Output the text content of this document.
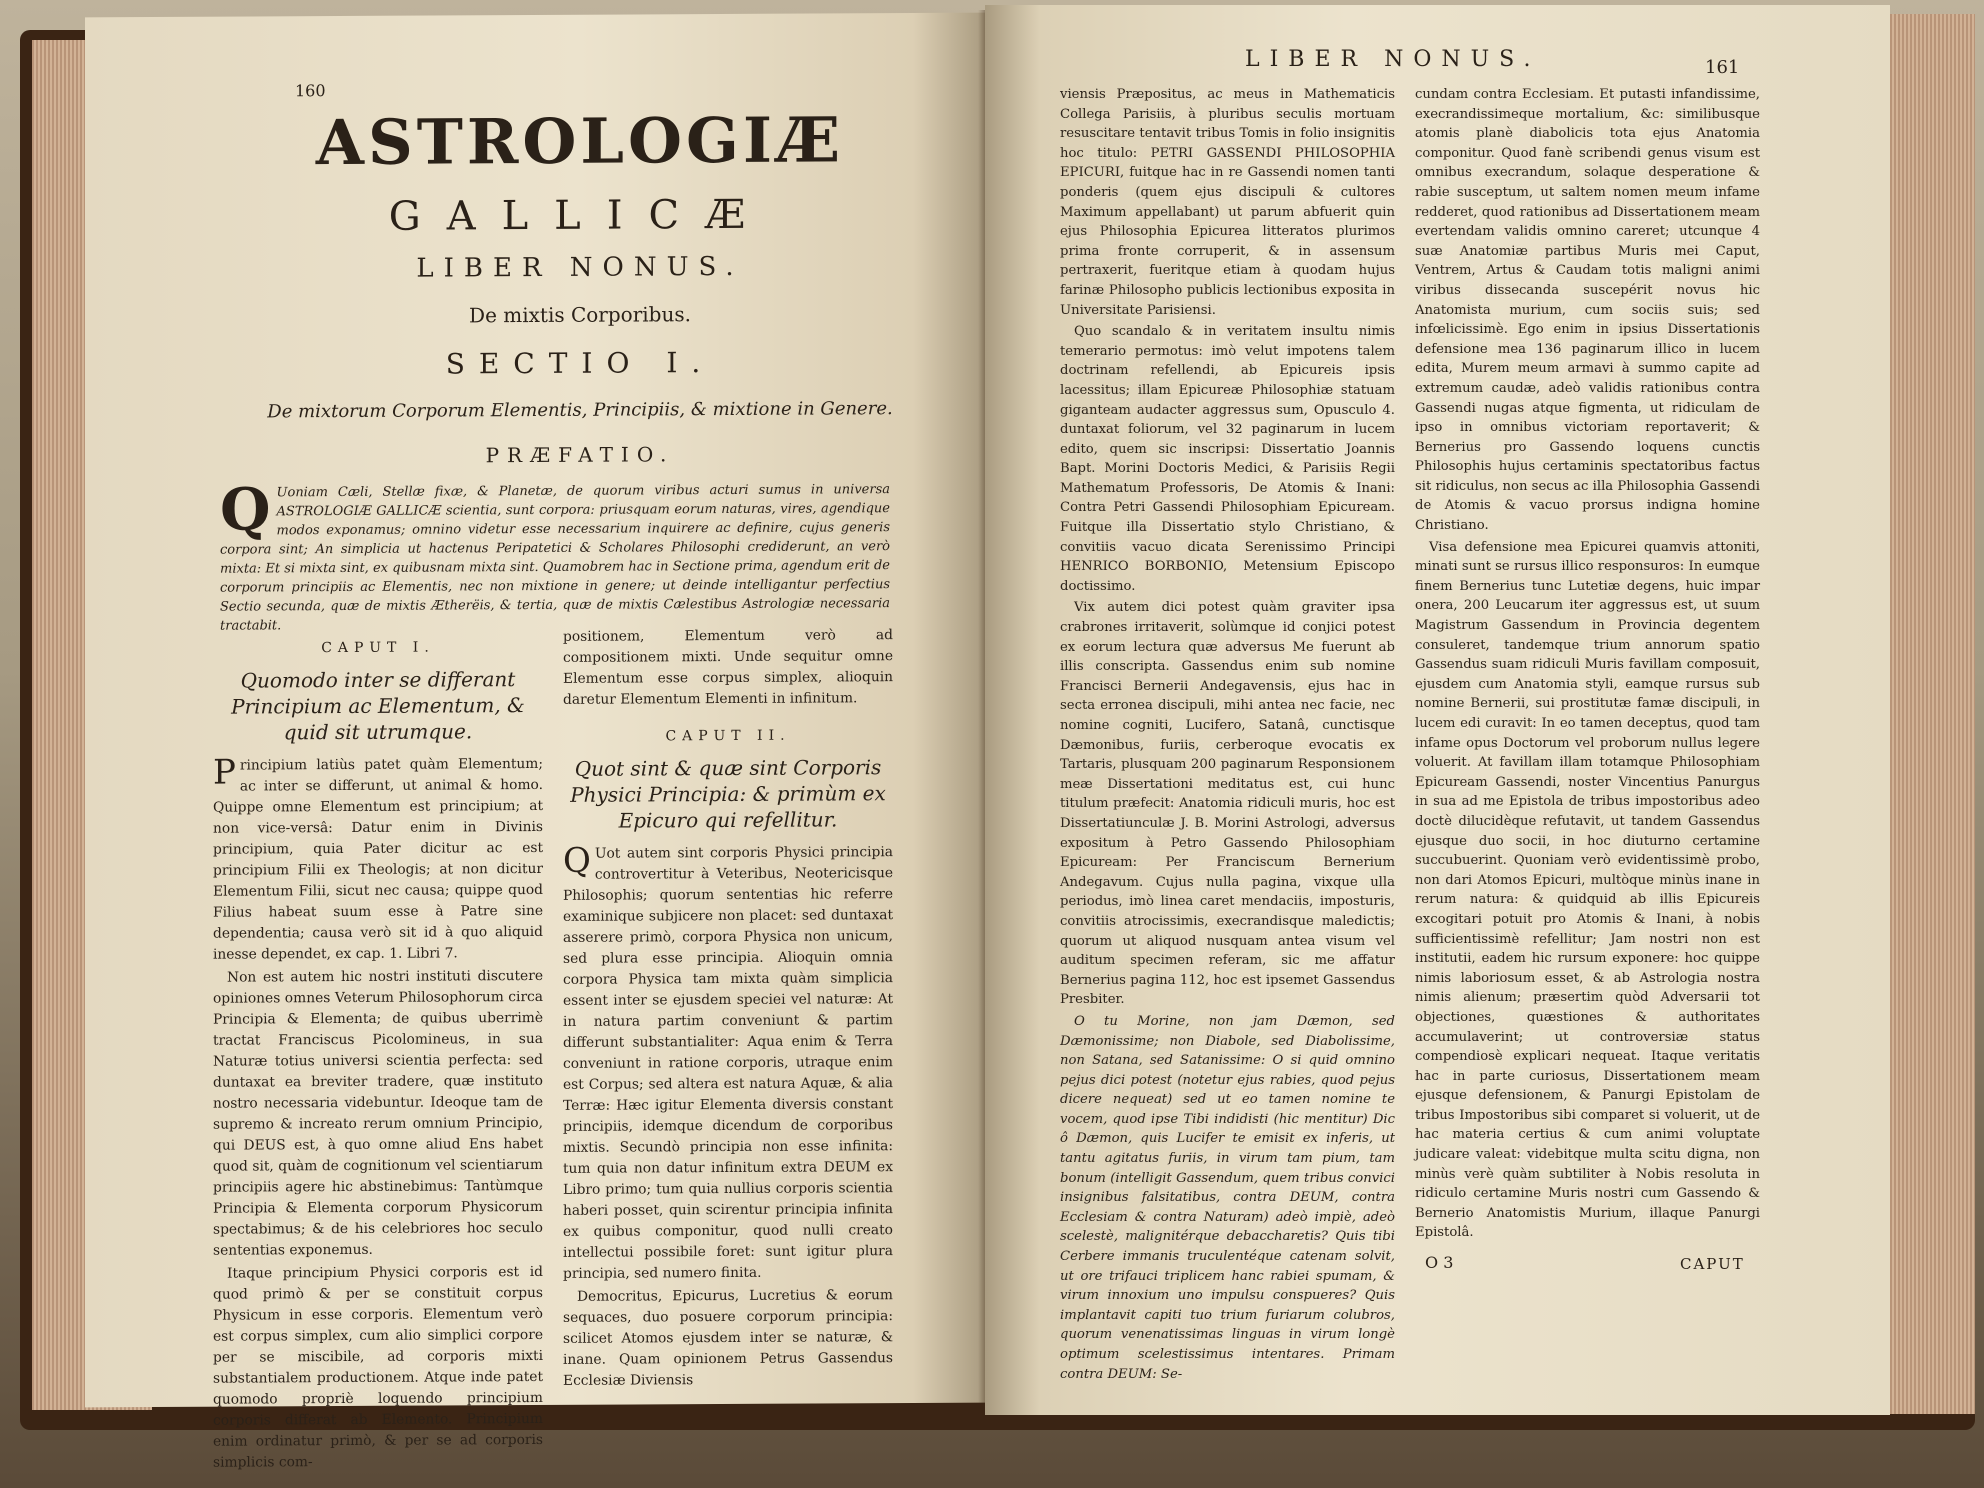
160
ASTROLOGIÆ
GALLICÆ
LIBER NONUS.
De mixtis Corporibus.
SECTIO I.
De mixtorum Corporum Elementis, Principiis, & mixtione in Genere.
PRÆFATIO.
Q Uoniam Cæli, Stellæ fixæ, & Planetæ, de quorum viribus acturi sumus in universa ASTROLOGIÆ GALLICÆ scientia, sunt corpora: priusquam eorum naturas, vires, agendique modos exponamus; omnino videtur esse necessarium inquirere ac definire, cujus generis corpora sint; An simplicia ut hactenus Peripatetici & Scholares Philosophi crediderunt, an verò mixta: Et si mixta sint, ex quibusnam mixta sint. Quamobrem hac in Sectione prima, agendum erit de corporum principiis ac Elementis, nec non mixtione in genere; ut deinde intelligantur perfectius Sectio secunda, quæ de mixtis Ætherëis, & tertia, quæ de mixtis Cælestibus Astrologiæ necessaria tractabit.
CAPUT I.
Quomodo inter se differant Principium ac Elementum, & quid sit utrumque.

Principium latiùs patet quàm Elementum; ac inter se differunt, ut animal & homo. Quippe omne Elementum est principium; at non vice-versâ: Datur enim in Divinis principium, quia Pater dicitur ac est principium Filii ex Theologis; at non dicitur Elementum Filii, sicut nec causa; quippe quod Filius habeat suum esse à Patre sine dependentia; causa verò sit id à quo aliquid inesse dependet, ex cap. 1. Libri 7.

Non est autem hic nostri instituti discutere opiniones omnes Veterum Philosophorum circa Principia & Elementa; de quibus uberrimè tractat Franciscus Picolomineus, in sua Naturæ totius universi scientia perfecta: sed duntaxat ea breviter tradere, quæ instituto nostro necessaria videbuntur. Ideoque tam de supremo & increato rerum omnium Principio, qui DEUS est, à quo omne aliud Ens habet quod sit, quàm de cognitionum vel scientiarum principiis agere hic abstinebimus: Tantùmque Principia & Elementa corporum Physicorum spectabimus; & de his celebriores hoc seculo sententias exponemus.

Itaque principium Physici corporis est id quod primò & per se constituit corpus Physicum in esse corporis. Elementum verò est corpus simplex, cum alio simplici corpore per se miscibile, ad corporis mixti substantialem productionem. Atque inde patet quomodo propriè loquendo principium corporis differat ab Elemento. Principium enim ordinatur primò, & per se ad corporis simplicis com-

positionem, Elementum verò ad compositionem mixti. Unde sequitur omne Elementum esse corpus simplex, alioquin daretur Elementum Elementi in infinitum.

CAPUT II.
Quot sint & quæ sint Corporis Physici Principia: & primùm ex Epicuro qui refellitur.

Q Uot autem sint corporis Physici principia controvertitur à Veteribus, Neotericisque Philosophis; quorum sententias hic referre examinique subjicere non placet: sed duntaxat asserere primò, corpora Physica non unicum, sed plura esse principia. Alioquin omnia corpora Physica tam mixta quàm simplicia essent inter se ejusdem speciei vel naturæ: At in natura partim conveniunt & partim differunt substantialiter: Aqua enim & Terra conveniunt in ratione corporis, utraque enim est Corpus; sed altera est natura Aquæ, & alia Terræ: Hæc igitur Elementa diversis constant principiis, idemque dicendum de corporibus mixtis. Secundò principia non esse infinita: tum quia non datur infinitum extra DEUM ex Libro primo; tum quia nullius corporis scientia haberi posset, quin scirentur principia infinita ex quibus componitur, quod nulli creato intellectui possibile foret: sunt igitur plura principia, sed numero finita.

Democritus, Epicurus, Lucretius & eorum sequaces, duo posuere corporum principia: scilicet Atomos ejusdem inter se naturæ, & inane. Quam opinionem Petrus Gassendus Ecclesiæ Diviensis

LIBER NONUS.	161

viensis Præpositus, ac meus in Mathematicis Collega Parisiis, à pluribus seculis mortuam resuscitare tentavit tribus Tomis in folio insignitis hoc titulo: PETRI GASSENDI PHILOSOPHIA EPICURI, fuitque hac in re Gassendi nomen tanti ponderis (quem ejus discipuli & cultores Maximum appellabant) ut parum abfuerit quin ejus Philosophia Epicurea litteratos plurimos prima fronte corruperit, & in assensum pertraxerit, fueritque etiam à quodam hujus farinæ Philosopho publicis lectionibus exposita in Universitate Parisiensi.

Quo scandalo & in veritatem insultu nimis temerario permotus: imò velut impotens talem doctrinam refellendi, ab Epicureis ipsis lacessitus; illam Epicureæ Philosophiæ statuam giganteam audacter aggressus sum, Opusculo 4. duntaxat foliorum, vel 32 paginarum in lucem edito, quem sic inscripsi: Dissertatio Joannis Bapt. Morini Doctoris Medici, & Parisiis Regii Mathematum Professoris, De Atomis & Inani: Contra Petri Gassendi Philosophiam Epicuream. Fuitque illa Dissertatio stylo Christiano, & convitiis vacuo dicata Serenissimo Principi HENRICO BORBONIO, Metensium Episcopo doctissimo.

Vix autem dici potest quàm graviter ipsa crabrones irritaverit, solùmque id conjici potest ex eorum lectura quæ adversus Me fuerunt ab illis conscripta. Gassendus enim sub nomine Francisci Bernerii Andegavensis, ejus hac in secta erronea discipuli, mihi antea nec facie, nec nomine cogniti, Lucifero, Satanâ, cunctisque Dæmonibus, furiis, cerberoque evocatis ex Tartaris, plusquam 200 paginarum Responsionem meæ Dissertationi meditatus est, cui hunc titulum præfecit: Anatomia ridiculi muris, hoc est Dissertatiunculæ J. B. Morini Astrologi, adversus expositum à Petro Gassendo Philosophiam Epicuream: Per Franciscum Bernerium Andegavum. Cujus nulla pagina, vixque ulla periodus, imò linea caret mendaciis, imposturis, convitiis atrocissimis, execrandisque maledictis; quorum ut aliquod nusquam antea visum vel auditum specimen referam, sic me affatur Bernerius pagina 112, hoc est ipsemet Gassendus Presbiter.

O tu Morine, non jam Dæmon, sed Dæmonissime; non Diabole, sed Diabolissime, non Satana, sed Satanissime: O si quid omnino pejus dici potest (notetur ejus rabies, quod pejus dicere nequeat) sed ut eo tamen nomine te vocem, quod ipse Tibi indidisti (hic mentitur) Dic ô Dæmon, quis Lucifer te emisit ex inferis, ut tantu agitatus furiis, in virum tam pium, tam bonum (intelligit Gassendum, quem tribus convici insignibus falsitatibus, contra DEUM, contra Ecclesiam & contra Naturam) adeò impiè, adeò scelestè, malignitérque debaccharetis? Quis tibi Cerbere immanis truculentéque catenam solvit, ut ore trifauci triplicem hanc rabiei spumam, & virum innoxium uno impulsu conspueres? Quis implantavit capiti tuo trium furiarum colubros, quorum venenatissimas linguas in virum longè optimum scelestissimus intentares. Primam contra DEUM: Se-

cundam contra Ecclesiam. Et putasti infandissime, execrandissimeque mortalium, &c: similibusque atomis planè diabolicis tota ejus Anatomia componitur. Quod fanè scribendi genus visum est omnibus execrandum, solaque desperatione & rabie susceptum, ut saltem nomen meum infame redderet, quod rationibus ad Dissertationem meam evertendam validis omnino careret; utcunque 4 suæ Anatomiæ partibus Muris mei Caput, Ventrem, Artus & Caudam totis maligni animi viribus dissecanda suscepérit novus hic Anatomista murium, cum sociis suis; sed infœlicissimè. Ego enim in ipsius Dissertationis defensione mea 136 paginarum illico in lucem edita, Murem meum armavi à summo capite ad extremum caudæ, adeò validis rationibus contra Gassendi nugas atque figmenta, ut ridiculam de ipso in omnibus victoriam reportaverit; & Bernerius pro Gassendo loquens cunctis Philosophis hujus certaminis spectatoribus factus sit ridiculus, non secus ac illa Philosophia Gassendi de Atomis & vacuo prorsus indigna homine Christiano.

Visa defensione mea Epicurei quamvis attoniti, minati sunt se rursus illico responsuros: In eumque finem Bernerius tunc Lutetiæ degens, huic impar onera, 200 Leucarum iter aggressus est, ut suum Magistrum Gassendum in Provincia degentem consuleret, tandemque trium annorum spatio Gassendus suam ridiculi Muris favillam composuit, ejusdem cum Anatomia styli, eamque rursus sub nomine Bernerii, sui prostitutæ famæ discipuli, in lucem edi curavit: In eo tamen deceptus, quod tam infame opus Doctorum vel proborum nullus legere voluerit. At favillam illam totamque Philosophiam Epicuream Gassendi, noster Vincentius Panurgus in sua ad me Epistola de tribus impostoribus adeo doctè dilucidèque refutavit, ut tandem Gassendus ejusque duo socii, in hoc diuturno certamine succubuerint. Quoniam verò evidentissimè probo, non dari Atomos Epicuri, multòque minùs inane in rerum natura: & quidquid ab illis Epicureis excogitari potuit pro Atomis & Inani, à nobis sufficientissimè refellitur; Jam nostri non est institutii, eadem hic rursum exponere: hoc quippe nimis laboriosum esset, & ab Astrologia nostra nimis alienum; præsertim quòd Adversarii tot objectiones, quæstiones & authoritates accumulaverint; ut controversiæ status compendiosè explicari nequeat. Itaque veritatis hac in parte curiosus, Dissertationem meam ejusque defensionem, & Panurgi Epistolam de tribus Impostoribus sibi comparet si voluerit, ut de hac materia certius & cum animi voluptate judicare valeat: videbitque multa scitu digna, non minùs verè quàm subtiliter à Nobis resoluta in ridiculo certamine Muris nostri cum Gassendo & Bernerio Anatomistis Murium, illaque Panurgi Epistolâ.

O 3	CAPUT
